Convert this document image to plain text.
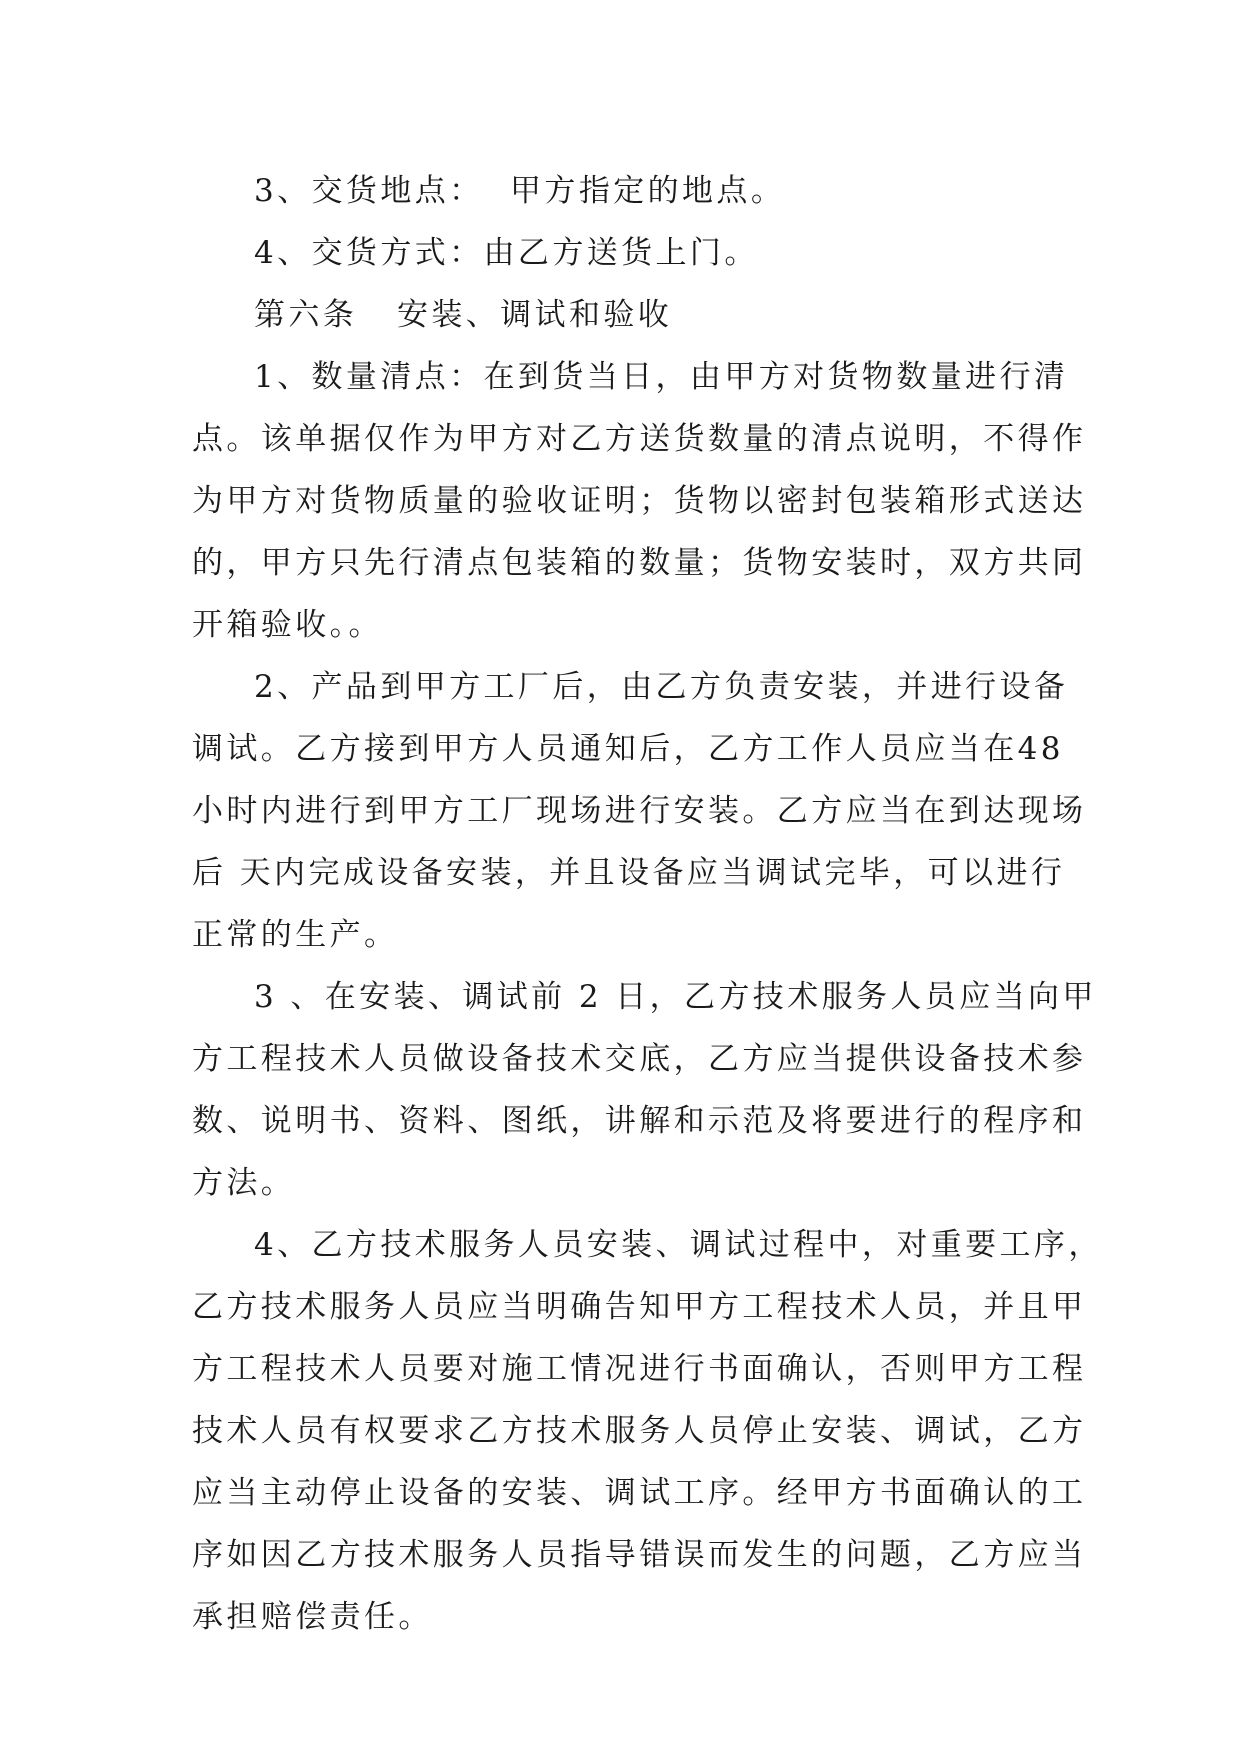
3、交货地点：  甲方指定的地点。
4、交货方式：由乙方送货上门。
第六条   安装、调试和验收
1、数量清点：在到货当日，由甲方对货物数量进行清
点。该单据仅作为甲方对乙方送货数量的清点说明，不得作
为甲方对货物质量的验收证明；货物以密封包装箱形式送达
的，甲方只先行清点包装箱的数量；货物安装时，双方共同
开箱验收。。
2、产品到甲方工厂后，由乙方负责安装，并进行设备
调试。乙方接到甲方人员通知后，乙方工作人员应当在48
小时内进行到甲方工厂现场进行安装。乙方应当在到达现场
后 天内完成设备安装，并且设备应当调试完毕，可以进行
正常的生产。
3 、在安装、调试前 2 日，乙方技术服务人员应当向甲
方工程技术人员做设备技术交底，乙方应当提供设备技术参
数、说明书、资料、图纸，讲解和示范及将要进行的程序和
方法。
4、乙方技术服务人员安装、调试过程中，对重要工序，
乙方技术服务人员应当明确告知甲方工程技术人员，并且甲
方工程技术人员要对施工情况进行书面确认，否则甲方工程
技术人员有权要求乙方技术服务人员停止安装、调试，乙方
应当主动停止设备的安装、调试工序。经甲方书面确认的工
序如因乙方技术服务人员指导错误而发生的问题，乙方应当
承担赔偿责任。
